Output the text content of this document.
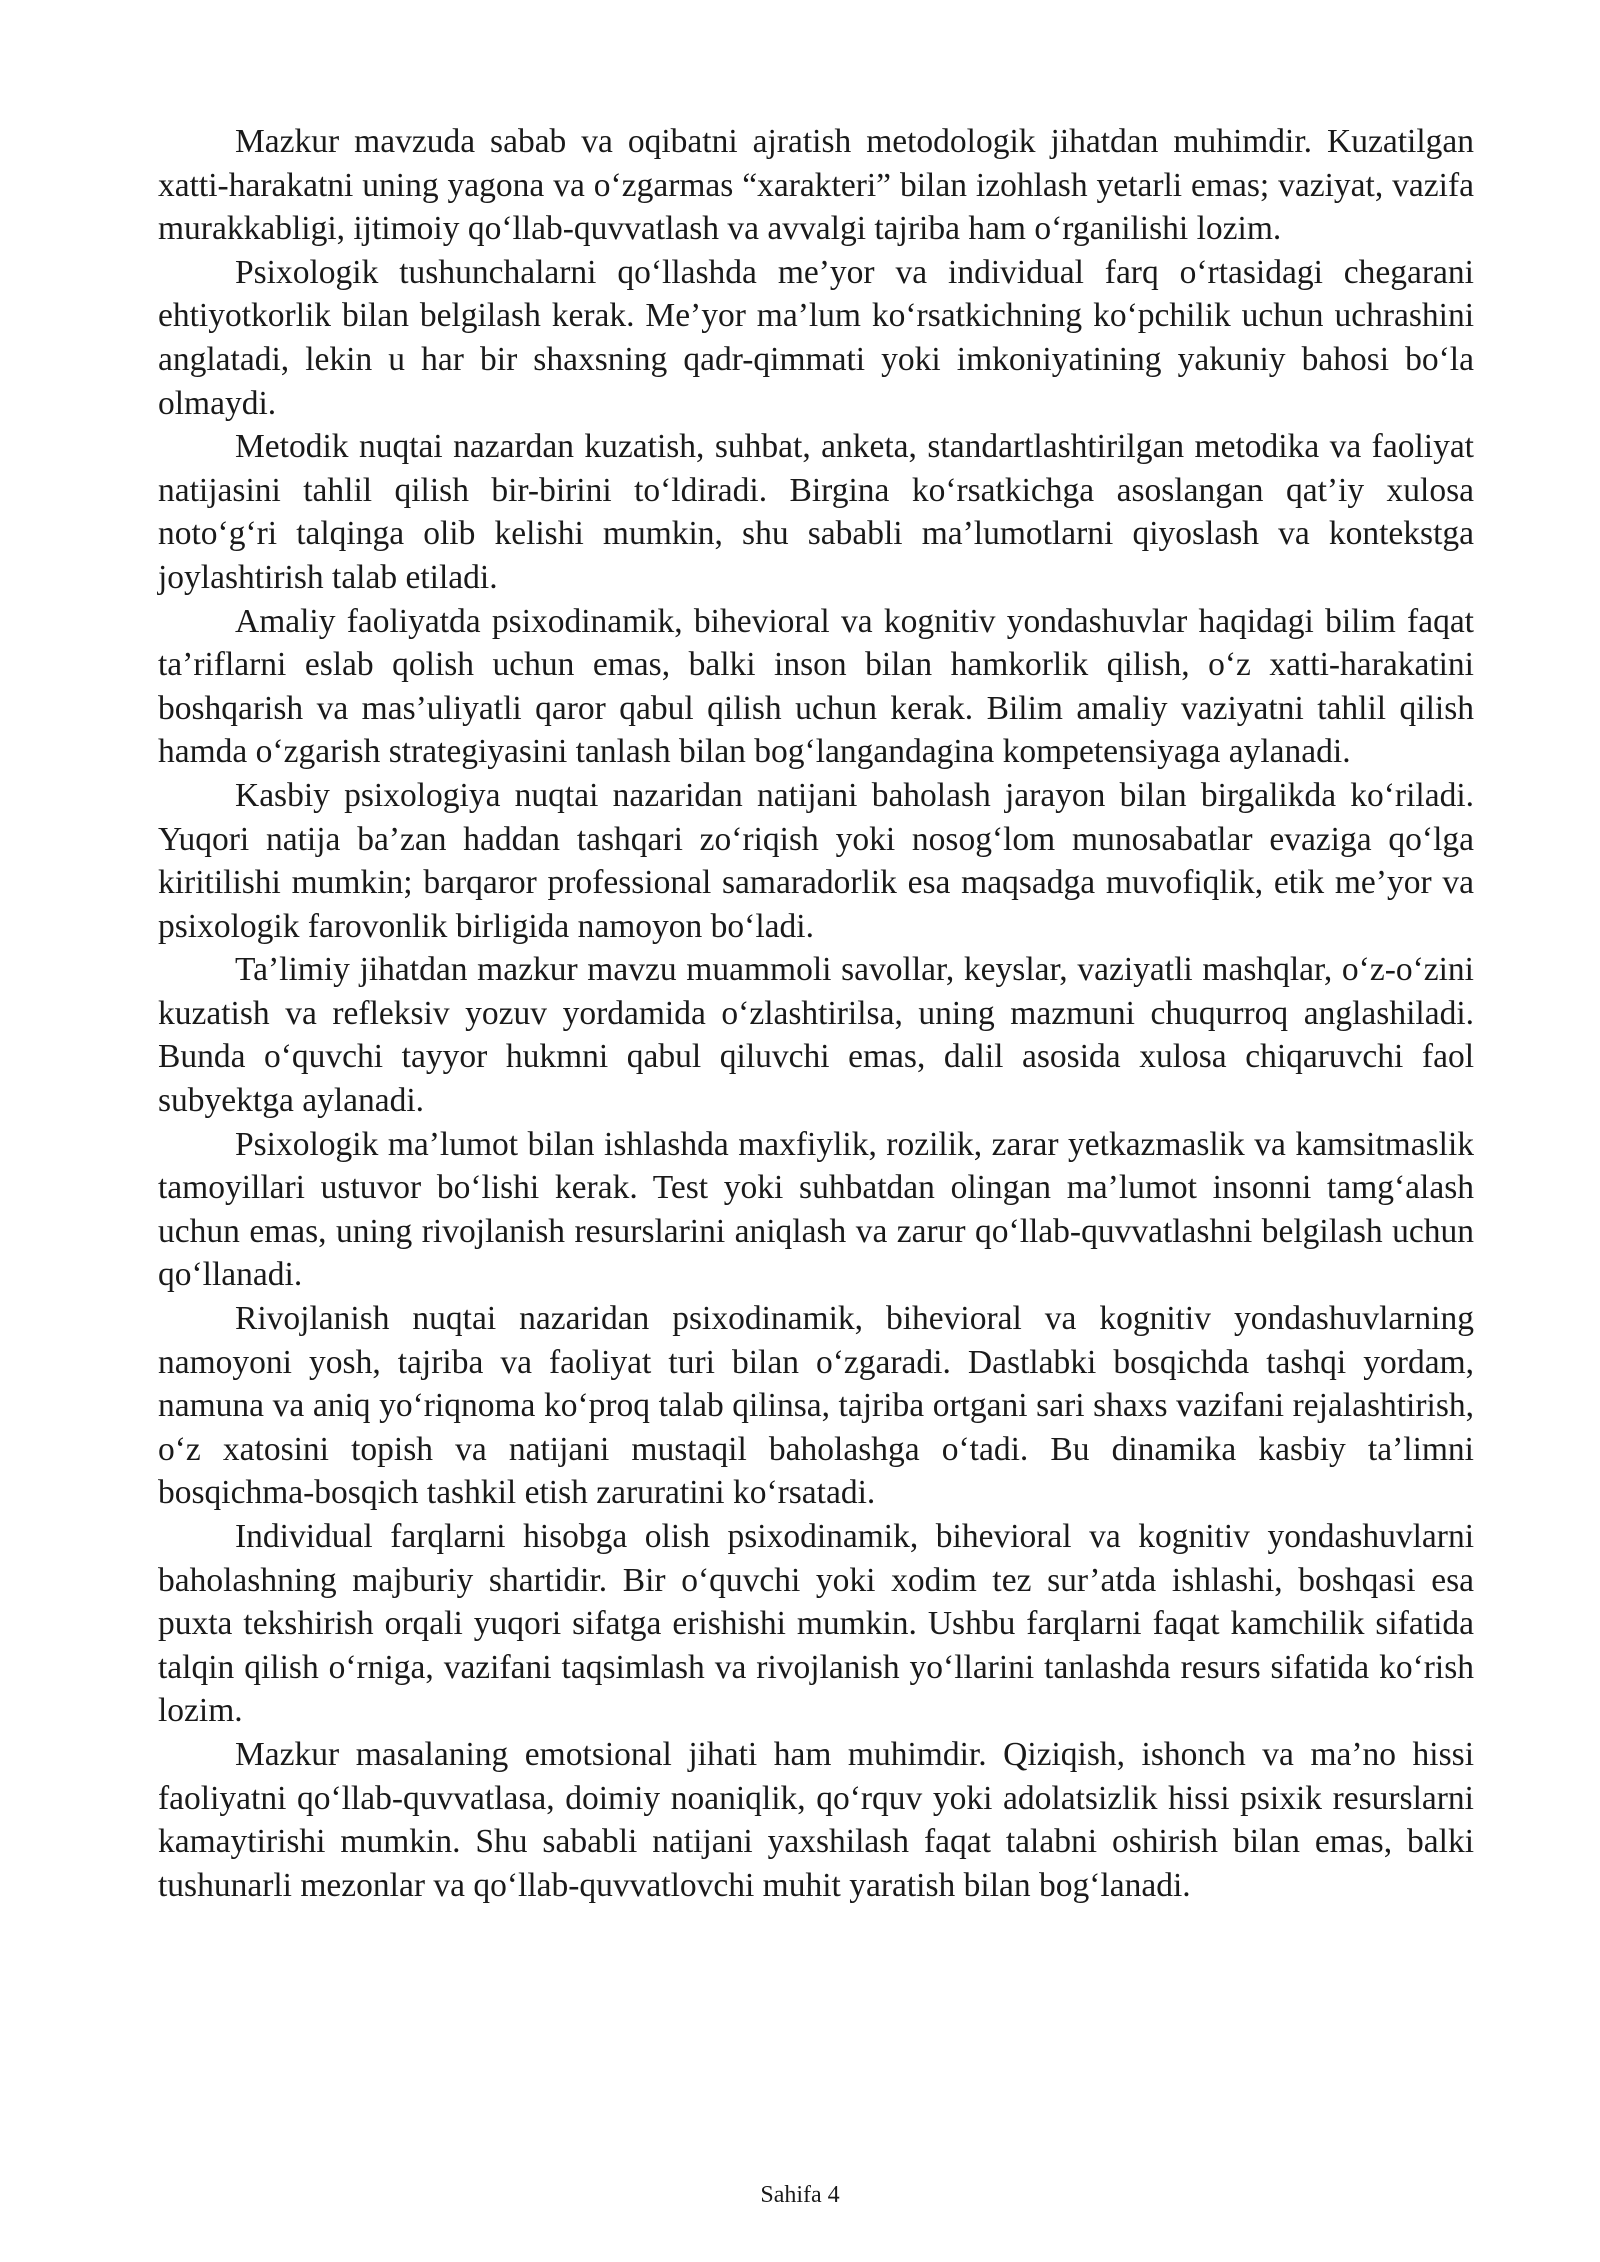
Mazkur mavzuda sabab va oqibatni ajratish metodologik jihatdan muhimdir. Kuzatilgan xatti-harakatni uning yagona va o‘zgarmas “xarakteri” bilan izohlash yetarli emas; vaziyat, vazifa murakkabligi, ijtimoiy qo‘llab-quvvatlash va avvalgi tajriba ham o‘rganilishi lozim.

Psixologik tushunchalarni qo‘llashda me’yor va individual farq o‘rtasidagi chegarani ehtiyotkorlik bilan belgilash kerak. Me’yor ma’lum ko‘rsatkichning ko‘pchilik uchun uchrashini anglatadi, lekin u har bir shaxsning qadr-qimmati yoki imkoniyatining yakuniy bahosi bo‘la olmaydi.

Metodik nuqtai nazardan kuzatish, suhbat, anketa, standartlashtirilgan metodika va faoliyat natijasini tahlil qilish bir-birini to‘ldiradi. Birgina ko‘rsatkichga asoslangan qat’iy xulosa noto‘g‘ri talqinga olib kelishi mumkin, shu sababli ma’lumotlarni qiyoslash va kontekstga joylashtirish talab etiladi.

Amaliy faoliyatda psixodinamik, bihevioral va kognitiv yondashuvlar haqidagi bilim faqat ta’riflarni eslab qolish uchun emas, balki inson bilan hamkorlik qilish, o‘z xatti-harakatini boshqarish va mas’uliyatli qaror qabul qilish uchun kerak. Bilim amaliy vaziyatni tahlil qilish hamda o‘zgarish strategiyasini tanlash bilan bog‘langandagina kompetensiyaga aylanadi.

Kasbiy psixologiya nuqtai nazaridan natijani baholash jarayon bilan birgalikda ko‘riladi. Yuqori natija ba’zan haddan tashqari zo‘riqish yoki nosog‘lom munosabatlar evaziga qo‘lga kiritilishi mumkin; barqaror professional samaradorlik esa maqsadga muvofiqlik, etik me’yor va psixologik farovonlik birligida namoyon bo‘ladi.

Ta’limiy jihatdan mazkur mavzu muammoli savollar, keyslar, vaziyatli mashqlar, o‘z-o‘zini kuzatish va refleksiv yozuv yordamida o‘zlashtirilsa, uning mazmuni chuqurroq anglashiladi. Bunda o‘quvchi tayyor hukmni qabul qiluvchi emas, dalil asosida xulosa chiqaruvchi faol subyektga aylanadi.

Psixologik ma’lumot bilan ishlashda maxfiylik, rozilik, zarar yetkazmaslik va kamsitmaslik tamoyillari ustuvor bo‘lishi kerak. Test yoki suhbatdan olingan ma’lumot insonni tamg‘alash uchun emas, uning rivojlanish resurslarini aniqlash va zarur qo‘llab-quvvatlashni belgilash uchun qo‘llanadi.

Rivojlanish nuqtai nazaridan psixodinamik, bihevioral va kognitiv yondashuvlarning namoyoni yosh, tajriba va faoliyat turi bilan o‘zgaradi. Dastlabki bosqichda tashqi yordam, namuna va aniq yo‘riqnoma ko‘proq talab qilinsa, tajriba ortgani sari shaxs vazifani rejalashtirish, o‘z xatosini topish va natijani mustaqil baholashga o‘tadi. Bu dinamika kasbiy ta’limni bosqichma-bosqich tashkil etish zaruratini ko‘rsatadi.

Individual farqlarni hisobga olish psixodinamik, bihevioral va kognitiv yondashuvlarni baholashning majburiy shartidir. Bir o‘quvchi yoki xodim tez sur’atda ishlashi, boshqasi esa puxta tekshirish orqali yuqori sifatga erishishi mumkin. Ushbu farqlarni faqat kamchilik sifatida talqin qilish o‘rniga, vazifani taqsimlash va rivojlanish yo‘llarini tanlashda resurs sifatida ko‘rish lozim.

Mazkur masalaning emotsional jihati ham muhimdir. Qiziqish, ishonch va ma’no hissi faoliyatni qo‘llab-quvvatlasa, doimiy noaniqlik, qo‘rquv yoki adolatsizlik hissi psixik resurslarni kamaytirishi mumkin. Shu sababli natijani yaxshilash faqat talabni oshirish bilan emas, balki tushunarli mezonlar va qo‘llab-quvvatlovchi muhit yaratish bilan bog‘lanadi.

Sahifa 4
